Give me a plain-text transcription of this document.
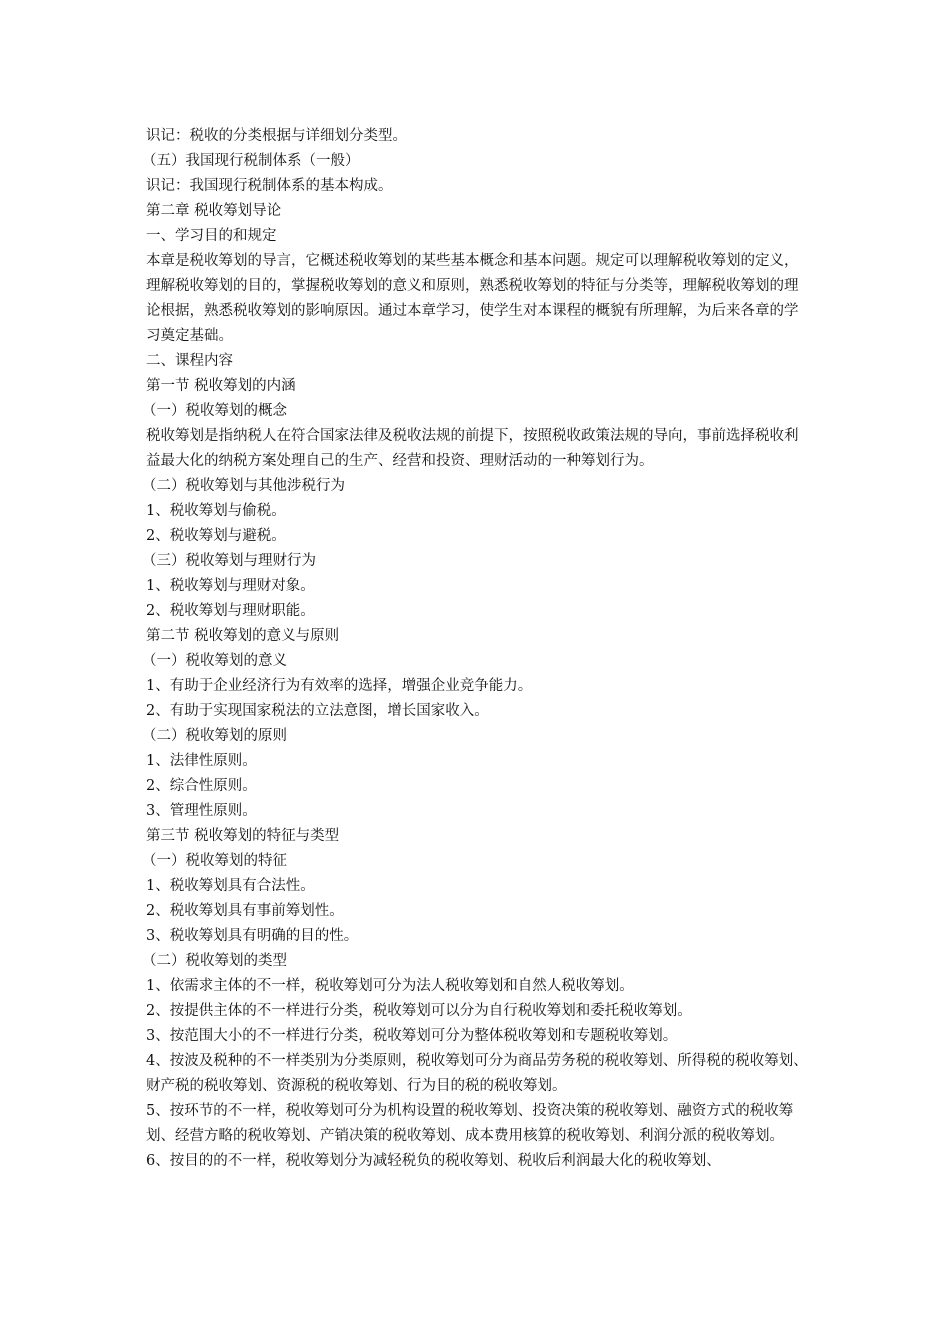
识记：税收的分类根据与详细划分类型。

（五）我国现行税制体系（一般）

识记：我国现行税制体系的基本构成。

第二章 税收筹划导论

一、学习目的和规定

本章是税收筹划的导言，它概述税收筹划的某些基本概念和基本问题。规定可以理解税收筹划的定义，理解税收筹划的目的，掌握税收筹划的意义和原则，熟悉税收筹划的特征与分类等，理解税收筹划的理论根据，熟悉税收筹划的影响原因。通过本章学习，使学生对本课程的概貌有所理解，为后来各章的学习奠定基础。

二、课程内容

第一节 税收筹划的内涵

（一）税收筹划的概念

税收筹划是指纳税人在符合国家法律及税收法规的前提下，按照税收政策法规的导向，事前选择税收利益最大化的纳税方案处理自己的生产、经营和投资、理财活动的一种筹划行为。

（二）税收筹划与其他涉税行为

1、税收筹划与偷税。

2、税收筹划与避税。

（三）税收筹划与理财行为

1、税收筹划与理财对象。

2、税收筹划与理财职能。

第二节 税收筹划的意义与原则

（一）税收筹划的意义

1、有助于企业经济行为有效率的选择，增强企业竞争能力。

2、有助于实现国家税法的立法意图，增长国家收入。

（二）税收筹划的原则

1、法律性原则。

2、综合性原则。

3、管理性原则。

第三节 税收筹划的特征与类型

（一）税收筹划的特征

1、税收筹划具有合法性。

2、税收筹划具有事前筹划性。

3、税收筹划具有明确的目的性。

（二）税收筹划的类型

1、依需求主体的不一样，税收筹划可分为法人税收筹划和自然人税收筹划。

2、按提供主体的不一样进行分类，税收筹划可以分为自行税收筹划和委托税收筹划。

3、按范围大小的不一样进行分类，税收筹划可分为整体税收筹划和专题税收筹划。

4、按波及税种的不一样类别为分类原则，税收筹划可分为商品劳务税的税收筹划、所得税的税收筹划、财产税的税收筹划、资源税的税收筹划、行为目的税的税收筹划。

5、按环节的不一样，税收筹划可分为机构设置的税收筹划、投资决策的税收筹划、融资方式的税收筹划、经营方略的税收筹划、产销决策的税收筹划、成本费用核算的税收筹划、利润分派的税收筹划。

6、按目的的不一样，税收筹划分为减轻税负的税收筹划、税收后利润最大化的税收筹划、
